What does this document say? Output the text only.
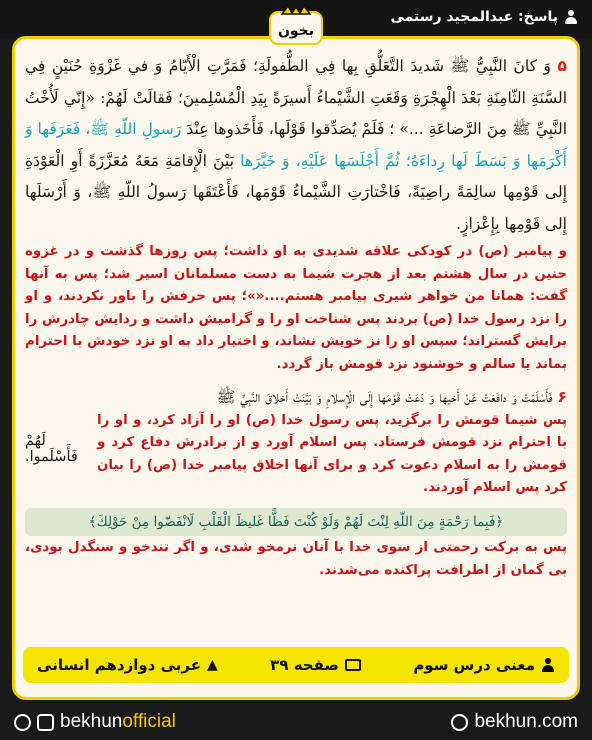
پاسخ: عبدالمجید رستمی
بخون
۵ وَ كانَ النَّبِيُّ ﷺ شَديدَ التَّعَلُّقِ بِها فِي الطُّفولَةِ؛ فَمَرَّتِ الْأَيّامُ وَ في غَزْوَةِ حُنَيْنٍ فِي السَّنَةِ الثّامِنَةِ بَعْدَ الْهِجْرَةِ وَقَعَتِ الشَّيْماءُ أَسيرَةً بِيَدِ الْمُسْلِمينَ؛ فَقالَتْ لَهُمْ: «إِنّي لَأُخْتُ النَّبِيِّ ﷺ مِنَ الرَّضاعَةِ ...» ؛ فَلَمْ يُصَدِّقوا قَوْلَها، فَأَخَذوها عِنْدَ رَسولِ اللّهِ ﷺ، فَعَرَفَها وَ أَكْرَمَها وَ بَسَطَ لَها رِداءَهُ؛ ثُمَّ أَجْلَسَها عَلَيْهِ، وَ خَيَّرَها بَيْنَ الْإِقامَةِ مَعَهُ مُعَزَّزَةً أَوِ الْعَوْدَةِ إِلى قَوْمِها سالِمَةً راضِيَةً، فَاخْتارَتِ الشَّيْماءُ قَوْمَها، فَأَعْتَقَها رَسولُ اللّهِ ﷺ، وَ أَرْسَلَها إِلى قَوْمِها بِإِعْزازٍ.
و پیامبر (ص) در کودکی علاقه شدیدی به او داشت؛ پس روزها گذشت و در غزوه حنین در سال هشتم بعد از هجرت شیما به دست مسلمانان اسیر شد؛ پس به آنها گفت: همانا من خواهر شیری پیامبر هستم....«»؛ پس حرفش را باور نکردند، و او را نزد رسول خدا (ص) بردند پس شناخت او را و گرامیش داشت و ردایش چادرش را برایش گستراند؛ سپس او را نز خویش نشاند، و اختیار داد به او نزد خودش با احترام بماند یا سالم و خوشنود نزد قومش باز گردد.
۶ فَأَسْلَمَتْ وَ دافَعَتْ عَنْ أَخيها وَ دَعَتْ قَوْمَها إِلَى الْإِسلامِ وَ بَيَّنَتْ أَخلاقَ النَّبِيِّ ﷺ
پس شیما قومش را برگزید، پس رسول خدا (ص) او را آزاد کرد، و او را با احترام نزد قومش فرستاد. پس اسلام آورد و از برادرش دفاع کرد و قومش را به اسلام دعوت کرد و برای آنها اخلاق پیامبر خدا (ص) را بیان کرد پس اسلام آوردند.
لَهُمْ فَأَسْلَموا.
﴿فَبِما رَحْمَةٍ مِنَ اللّهِ لِنْتَ لَهُمْ وَلَوْ كُنْتَ فَظًّا غَليظَ الْقَلْبِ لَانْفَضّوا مِنْ حَوْلِكَ﴾
پس به برکت رحمتی از سوی خدا با آنان نرمخو شدی، و اگر تندخو و سنگدل بودی، بی گمان از اطرافت پراکنده می‌شدند.
معنی درس سوم
صفحه ۳۹
▲
عربی دوازدهم انسانی
bekhunofficial	bekhun.com
